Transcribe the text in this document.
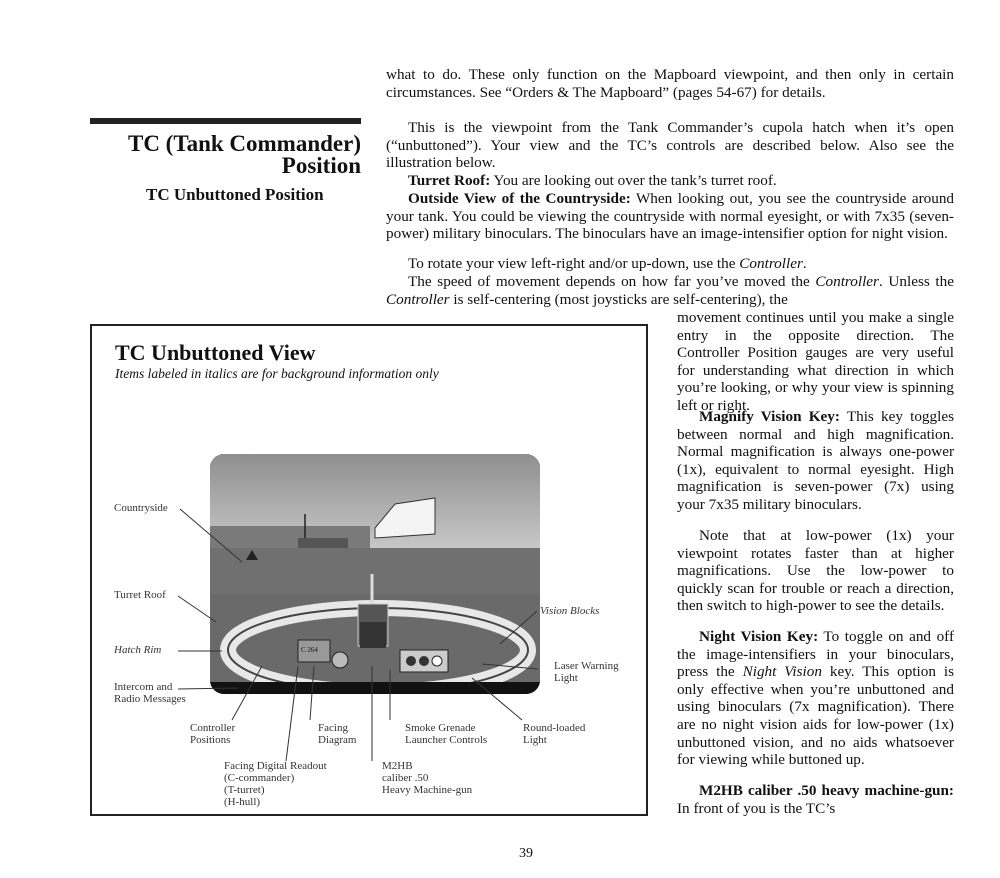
what to do. These only function on the Mapboard viewpoint, and then only in certain circumstances. See “Orders & The Mapboard” (pages 54-67) for details.

TC (Tank Commander)
Position
TC Unbuttoned Position

This is the viewpoint from the Tank Commander’s cupola hatch when it’s open (“unbuttoned”). Your view and the TC’s controls are described below. Also see the illustration below.

Turret Roof: You are looking out over the tank’s turret roof.

Outside View of the Countryside: When looking out, you see the countryside around your tank. You could be viewing the countryside with normal eyesight, or with 7x35 (seven-power) military binoculars. The binoculars have an image-intensifier option for night vision.

To rotate your view left-right and/or up-down, use the Controller.

The speed of movement depends on how far you’ve moved the Controller. Unless the Controller is self-centering (most joysticks are self-centering), the

movement continues until you make a single entry in the opposite direction. The Controller Position gauges are very useful for understanding what direction in which you’re looking, or why your view is spinning left or right.

Magnify Vision Key: This key toggles between normal and high magnification. Normal magnification is always one-power (1x), equivalent to normal eyesight. High magnification is seven-power (7x) using your 7x35 military binoculars.

Note that at low-power (1x) your viewpoint rotates faster than at higher magnifications. Use the low-power to quickly scan for trouble or reach a direction, then switch to high-power to see the details.

Night Vision Key: To toggle on and off the image-intensifiers in your binoculars, press the Night Vision key. This option is only effective when you’re unbuttoned and using binoculars (7x magnification). There are no night vision aids for low-power (1x) unbuttoned vision, and no aids whatsoever for viewing while buttoned up.

M2HB caliber .50 heavy machine-gun: In front of you is the TC’s

TC Unbuttoned View
Items labeled in italics are for background information only
C 264
Countryside
Turret Roof
Hatch Rim
Intercom and
Radio Messages
Controller
Positions
Facing
Diagram
Smoke Grenade
Launcher Controls
Round-loaded
Light
Vision Blocks
Laser Warning
Light
Facing Digital Readout
(C-commander)
(T-turret)
(H-hull)
M2HB
caliber .50
Heavy Machine-gun
39
